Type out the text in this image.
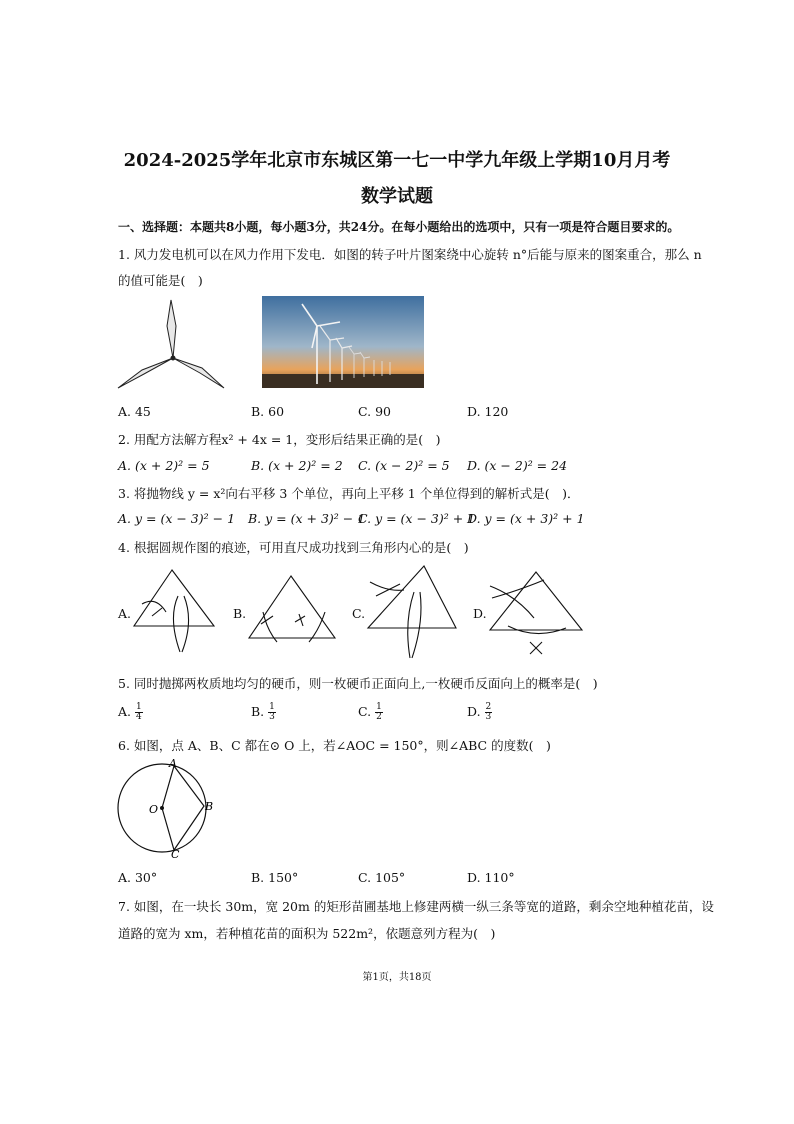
2024-2025学年北京市东城区第一七一中学九年级上学期10月月考
数学试题
一、选择题：本题共8小题，每小题3分，共24分。在每小题给出的选项中，只有一项是符合题目要求的。
1. 风力发电机可以在风力作用下发电．如图的转子叶片图案绕中心旋转 n°后能与原来的图案重合，那么 n
的值可能是(　)
A. 45	B. 60	C. 90	D. 120
2. 用配方法解方程x² + 4x = 1，变形后结果正确的是(　)
A. (x + 2)² = 5	B. (x + 2)² = 2 C. (x − 2)² = 5 D. (x − 2)² = 24
3. 将抛物线 y = x²向右平移 3 个单位，再向上平移 1 个单位得到的解析式是(　)．
A. y = (x − 3)² − 1 B. y = (x + 3)² − 1
C. y = (x − 3)² + 1
D. y = (x + 3)² + 1
4. 根据圆规作图的痕迹，可用直尺成功找到三角形内心的是(　)
A.	B.	C.	D.
5. 同时抛掷两枚质地均匀的硬币，则一枚硬币正面向上,一枚硬币反面向上的概率是(　)
A. $\frac{1}{4}$	B. $\frac{1}{3}$	C. $\frac{1}{2}$	D. $\frac{2}{3}$
6. 如图，点 A、B、C 都在⊙ O 上，若∠AOC = 150°，则∠ABC 的度数(　)
A
B
C
O
A. 30°	B. 150°	C. 105°	D. 110°
7. 如图，在一块长 30m，宽 20m 的矩形苗圃基地上修建两横一纵三条等宽的道路，剩余空地种植花苗，设
道路的宽为 xm，若种植花苗的面积为 522m²，依题意列方程为(　)
第1页，共18页
